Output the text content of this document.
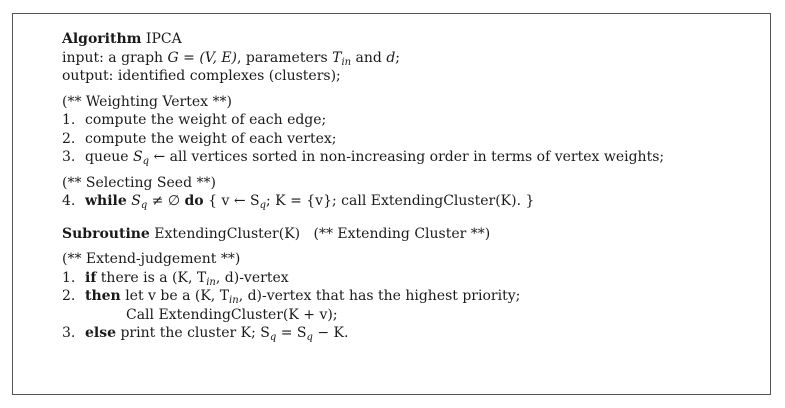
Algorithm IPCA
input: a graph G = (V, E), parameters $T_{in}$ and d;
output: identified complexes (clusters);
(** Weighting Vertex **)
1. compute the weight of each edge;
2. compute the weight of each vertex;
3. queue $S_q$ ← all vertices sorted in non-increasing order in terms of vertex weights;
(** Selecting Seed **)
4. while $S_q$ ≠ ∅ do { v ← $S_q$; K = {v}; call ExtendingCluster(K). }
Subroutine ExtendingCluster(K) (** Extending Cluster **)
(** Extend-judgement **)
1. if there is a (K, $T_{in}$, d)-vertex
2. then let v be a (K, $T_{in}$, d)-vertex that has the highest priority;
Call ExtendingCluster(K + v);
3. else print the cluster K; $S_q = S_q - K$.
